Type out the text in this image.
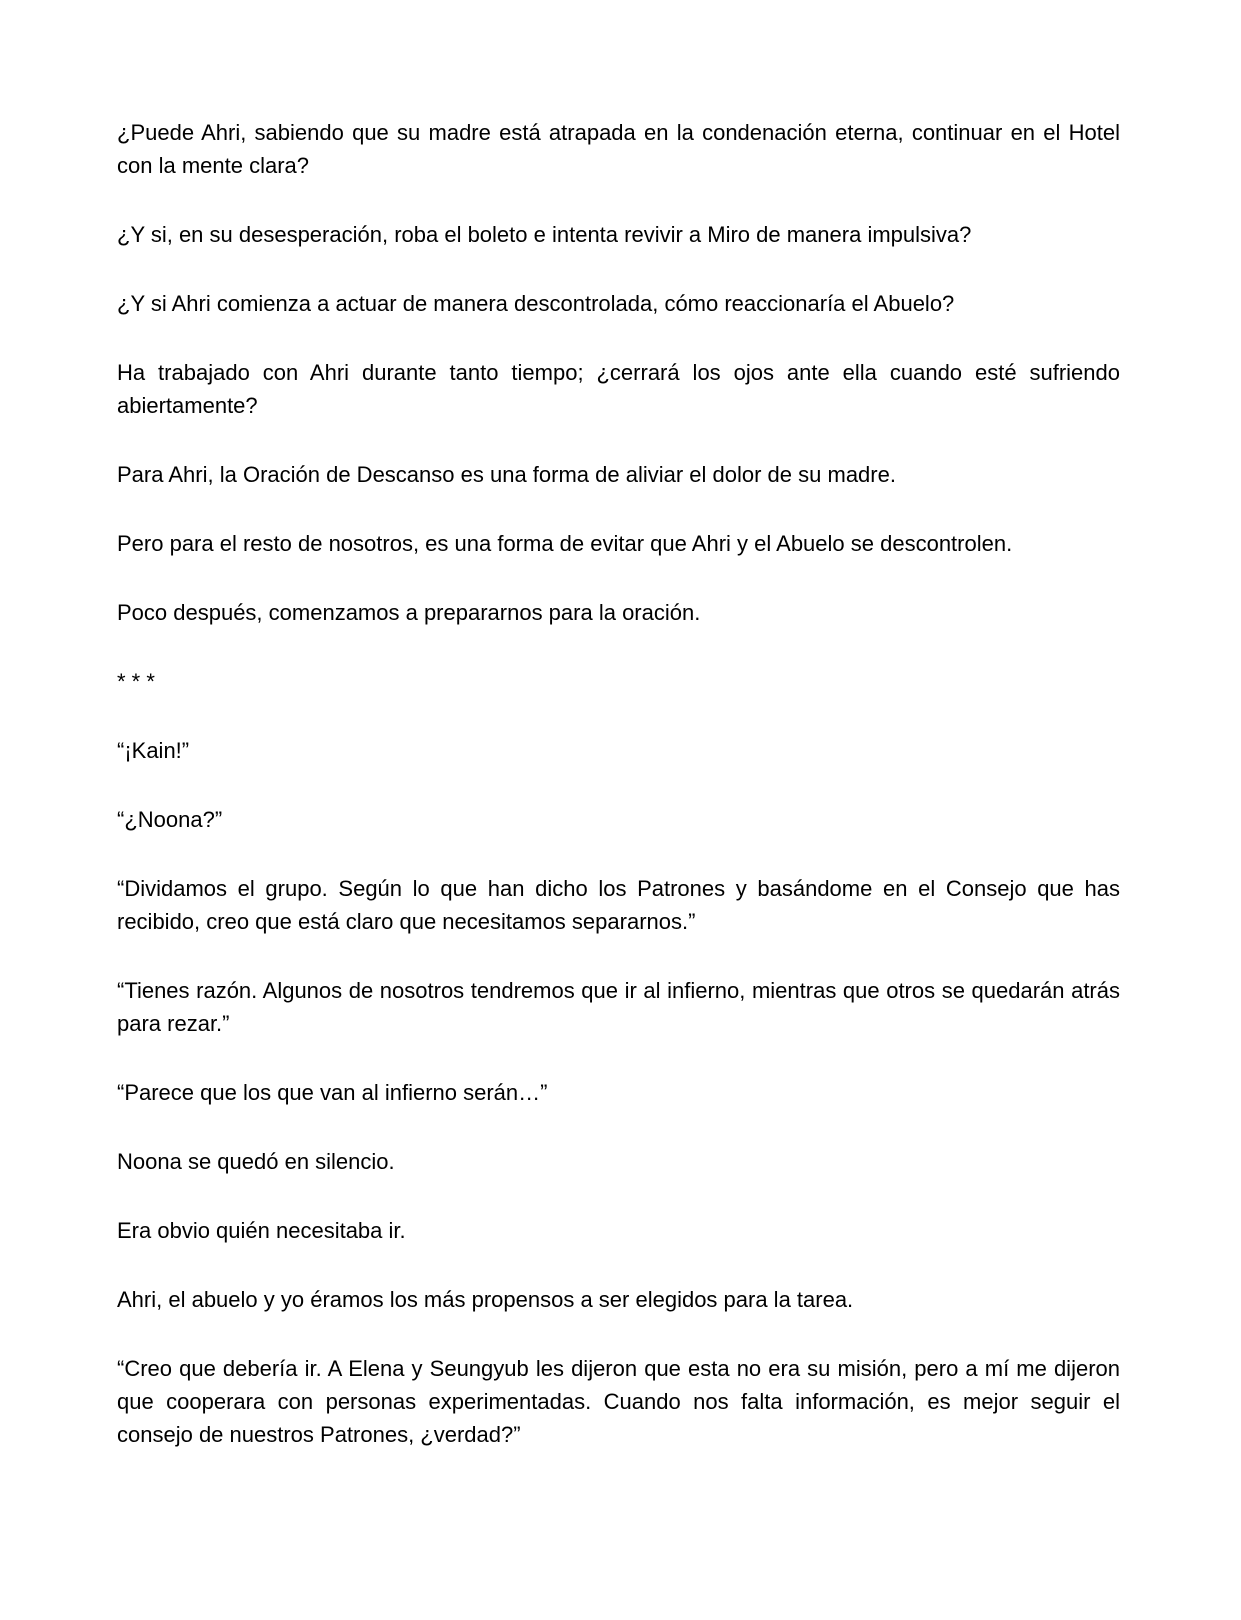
¿Puede Ahri, sabiendo que su madre está atrapada en la condenación eterna, continuar en el Hotel con la mente clara?

¿Y si, en su desesperación, roba el boleto e intenta revivir a Miro de manera impulsiva?

¿Y si Ahri comienza a actuar de manera descontrolada, cómo reaccionaría el Abuelo?

Ha trabajado con Ahri durante tanto tiempo; ¿cerrará los ojos ante ella cuando esté sufriendo abiertamente?

Para Ahri, la Oración de Descanso es una forma de aliviar el dolor de su madre.

Pero para el resto de nosotros, es una forma de evitar que Ahri y el Abuelo se descontrolen.

Poco después, comenzamos a prepararnos para la oración.

* * *

“¡Kain!”

“¿Noona?”

“Dividamos el grupo. Según lo que han dicho los Patrones y basándome en el Consejo que has recibido, creo que está claro que necesitamos separarnos.”

“Tienes razón. Algunos de nosotros tendremos que ir al infierno, mientras que otros se quedarán atrás para rezar.”

“Parece que los que van al infierno serán…”

Noona se quedó en silencio.

Era obvio quién necesitaba ir.

Ahri, el abuelo y yo éramos los más propensos a ser elegidos para la tarea.

“Creo que debería ir. A Elena y Seungyub les dijeron que esta no era su misión, pero a mí me dijeron que cooperara con personas experimentadas. Cuando nos falta información, es mejor seguir el consejo de nuestros Patrones, ¿verdad?”
